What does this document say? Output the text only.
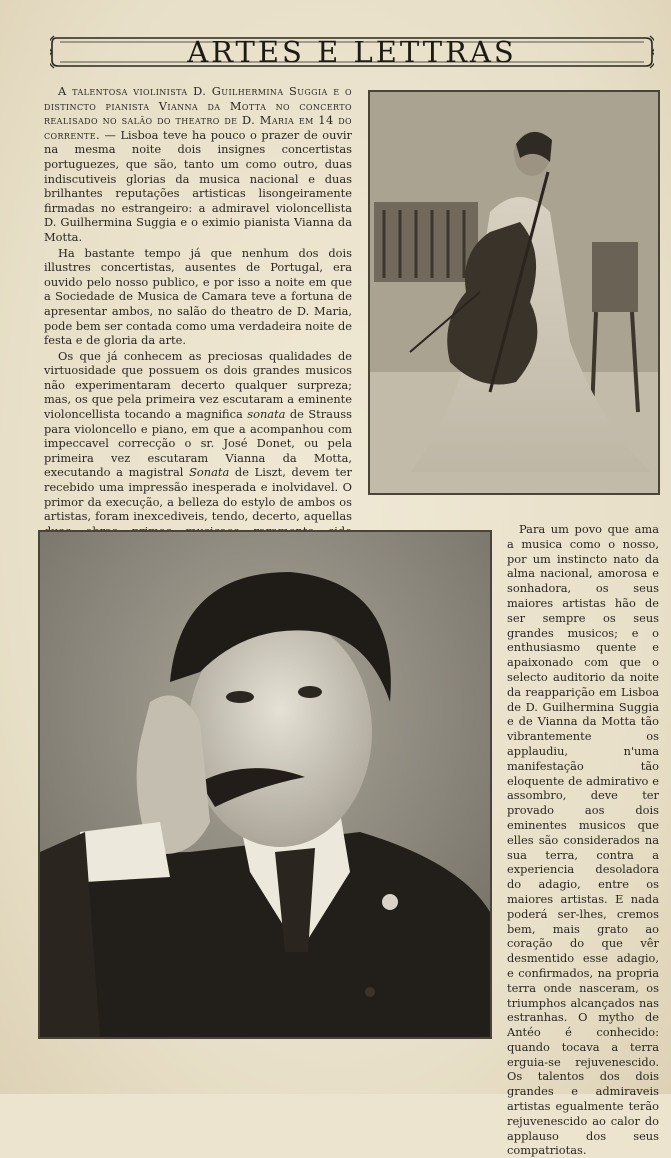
ARTES E LETTRAS

A talentosa violinista D. Guilhermina Suggia e o distincto pianista Vianna da Motta no concerto realisado no salão do theatro de D. Maria em 14 do corrente. — Lisboa teve ha pouco o prazer de ouvir na mesma noite dois insignes concertistas portuguezes, que são, tanto um como outro, duas indiscutiveis glorias da musica nacional e duas brilhantes reputações artisticas lisongeiramente firmadas no estrangeiro: a admiravel violoncellista D. Guilhermina Suggia e o eximio pianista Vianna da Motta.

Ha bastante tempo já que nenhum dos dois illustres concertistas, ausentes de Portugal, era ouvido pelo nosso publico, e por isso a noite em que a Sociedade de Musica de Camara teve a fortuna de apresentar ambos, no salão do theatro de D. Maria, pode bem ser contada como uma verdadeira noite de festa e de gloria da arte.

Os que já conhecem as preciosas qualidades de virtuosidade que possuem os dois grandes musicos não experimentaram decerto qualquer surpreza; mas, os que pela primeira vez escutaram a eminente violoncellista tocando a magnifica sonata de Strauss para violoncello e piano, em que a acompanhou com impeccavel correcção o sr. José Donet, ou pela primeira vez escutaram Vianna da Motta, executando a magistral Sonata de Liszt, devem ter recebido uma impressão inesperada e inolvidavel. O primor da execução, a belleza do estylo de ambos os artistas, foram inexcediveis, tendo, decerto, aquellas

Para um povo que ama a musica como o nosso, por um instincto nato da alma nacional, amorosa e sonhadora, os seus maiores artistas hão de ser sempre os seus grandes musicos; e o enthusiasmo quente e apaixonado com que o selecto auditorio da noite da reapparição em Lisboa de D. Guilhermina Suggia e de Vianna da Motta tão vibrantemente os applaudiu, n'uma manifestação tão eloquente de admirativo e assombro, deve ter provado aos dois eminentes musicos que elles são considerados na sua terra, contra a experiencia desoladora do adagio, entre os maiores artistas. E nada poderá ser-lhes, cremos bem, mais grato ao coração do que vêr desmentido esse adagio, e confirmados, na propria terra onde nasceram, os triumphos alcançados nas estranhas. O mytho de Antéo é conhecido: quando tocava a terra erguia-se rejuvenescido. Os talentos dos dois grandes e admiraveis artistas egualmente terão rejuvenescido ao calor do applauso dos seus compatriotas.
